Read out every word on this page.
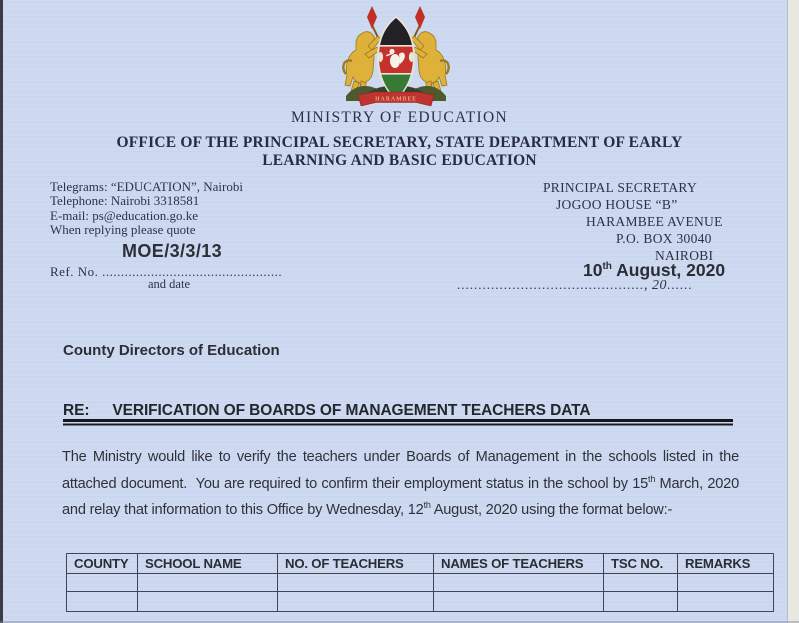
HARAMBEE
MINISTRY OF EDUCATION
OFFICE OF THE PRINCIPAL SECRETARY, STATE DEPARTMENT OF EARLY
LEARNING AND BASIC EDUCATION
Telegrams: “EDUCATION”, Nairobi
Telephone: Nairobi 3318581
E-mail: ps@education.go.ke
When replying please quote
MOE/3/3/13
Ref. No. ................................................
and date
PRINCIPAL SECRETARY
JOGOO HOUSE “B”
HARAMBEE AVENUE
P.O. BOX 30040
NAIROBI
10th August, 2020
............................................, 20......
County Directors of Education
RE: VERIFICATION OF BOARDS OF MANAGEMENT TEACHERS DATA
The Ministry would like to verify the teachers under Boards of Management in the schools listed in the attached document.  You are required to confirm their employment status in the school by 15th March, 2020 and relay that information to this Office by Wednesday, 12th August, 2020 using the format below:-
COUNTY	SCHOOL NAME	NO. OF TEACHERS	NAMES OF TEACHERS	TSC NO.	REMARKS
